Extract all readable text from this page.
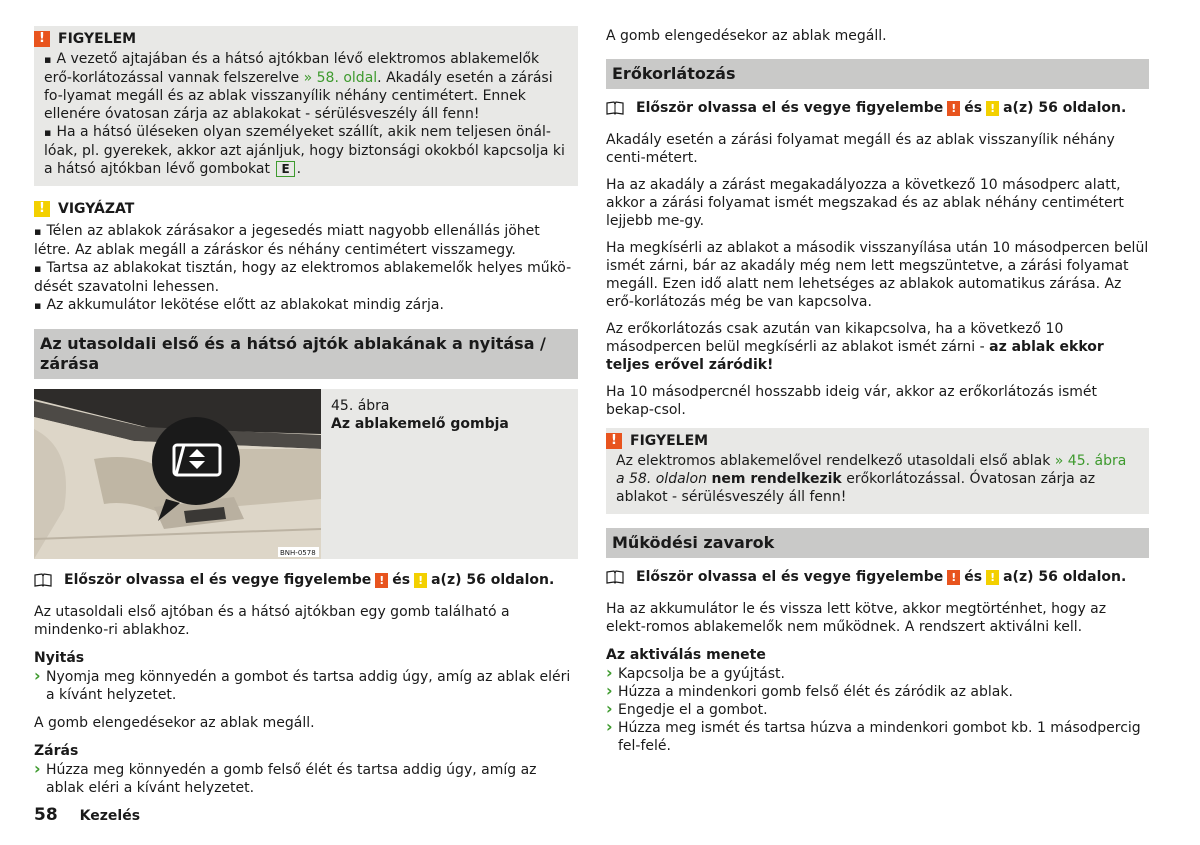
! FIGYELEM

▪ A vezető ajtajában és a hátsó ajtókban lévő elektromos ablakemelők erő-korlátozással vannak felszerelve » 58. oldal. Akadály esetén a zárási fo-lyamat megáll és az ablak visszanyílik néhány centimétert. Ennek ellenére óvatosan zárja az ablakokat - sérülésveszély áll fenn!

▪ Ha a hátsó üléseken olyan személyeket szállít, akik nem teljesen önál-lóak, pl. gyerekek, akkor azt ajánljuk, hogy biztonsági okokból kapcsolja ki a hátsó ajtókban lévő gombokat E .

! VIGYÁZAT

▪ Télen az ablakok zárásakor a jegesedés miatt nagyobb ellenállás jöhet létre. Az ablak megáll a záráskor és néhány centimétert visszamegy.

▪ Tartsa az ablakokat tisztán, hogy az elektromos ablakemelők helyes műkö-dését szavatolni lehessen.

▪ Az akkumulátor lekötése előtt az ablakokat mindig zárja.

Az utasoldali első és a hátsó ajtók ablakának a nyitása / zárása
BNH-0578
45. ábra
Az ablakemelő gombja
Először olvassa el és vegye figyelembe ! és ! a(z) 56 oldalon.

Az utasoldali első ajtóban és a hátsó ajtókban egy gomb található a mindenko-ri ablakhoz.

Nyitás
› Nyomja meg könnyedén a gombot és tartsa addig úgy, amíg az ablak eléri a kívánt helyzetet.

A gomb elengedésekor az ablak megáll.

Zárás
› Húzza meg könnyedén a gomb felső élét és tartsa addig úgy, amíg az ablak eléri a kívánt helyzetet.

A gomb elengedésekor az ablak megáll.

Erőkorlátozás
Először olvassa el és vegye figyelembe ! és ! a(z) 56 oldalon.

Akadály esetén a zárási folyamat megáll és az ablak visszanyílik néhány centi-métert.

Ha az akadály a zárást megakadályozza a következő 10 másodperc alatt, akkor a zárási folyamat ismét megszakad és az ablak néhány centimétert lejjebb me-gy.

Ha megkísérli az ablakot a második visszanyílása után 10 másodpercen belül ismét zárni, bár az akadály még nem lett megszüntetve, a zárási folyamat megáll. Ezen idő alatt nem lehetséges az ablakok automatikus zárása. Az erő-korlátozás még be van kapcsolva.

Az erőkorlátozás csak azután van kikapcsolva, ha a következő 10 másodpercen belül megkísérli az ablakot ismét zárni - az ablak ekkor teljes erővel záródik!

Ha 10 másodpercnél hosszabb ideig vár, akkor az erőkorlátozás ismét bekap-csol.

! FIGYELEM

Az elektromos ablakemelővel rendelkező utasoldali első ablak » 45. ábra a 58. oldalon nem rendelkezik erőkorlátozással. Óvatosan zárja az ablakot - sérülésveszély áll fenn!

Működési zavarok
Először olvassa el és vegye figyelembe ! és ! a(z) 56 oldalon.

Ha az akkumulátor le és vissza lett kötve, akkor megtörténhet, hogy az elekt-romos ablakemelők nem működnek. A rendszert aktiválni kell.

Az aktiválás menete
› Kapcsolja be a gyújtást.
› Húzza a mindenkori gomb felső élét és záródik az ablak.
› Engedje el a gombot.
› Húzza meg ismét és tartsa húzva a mindenkori gombot kb. 1 másodpercig fel-felé.
58 Kezelés
